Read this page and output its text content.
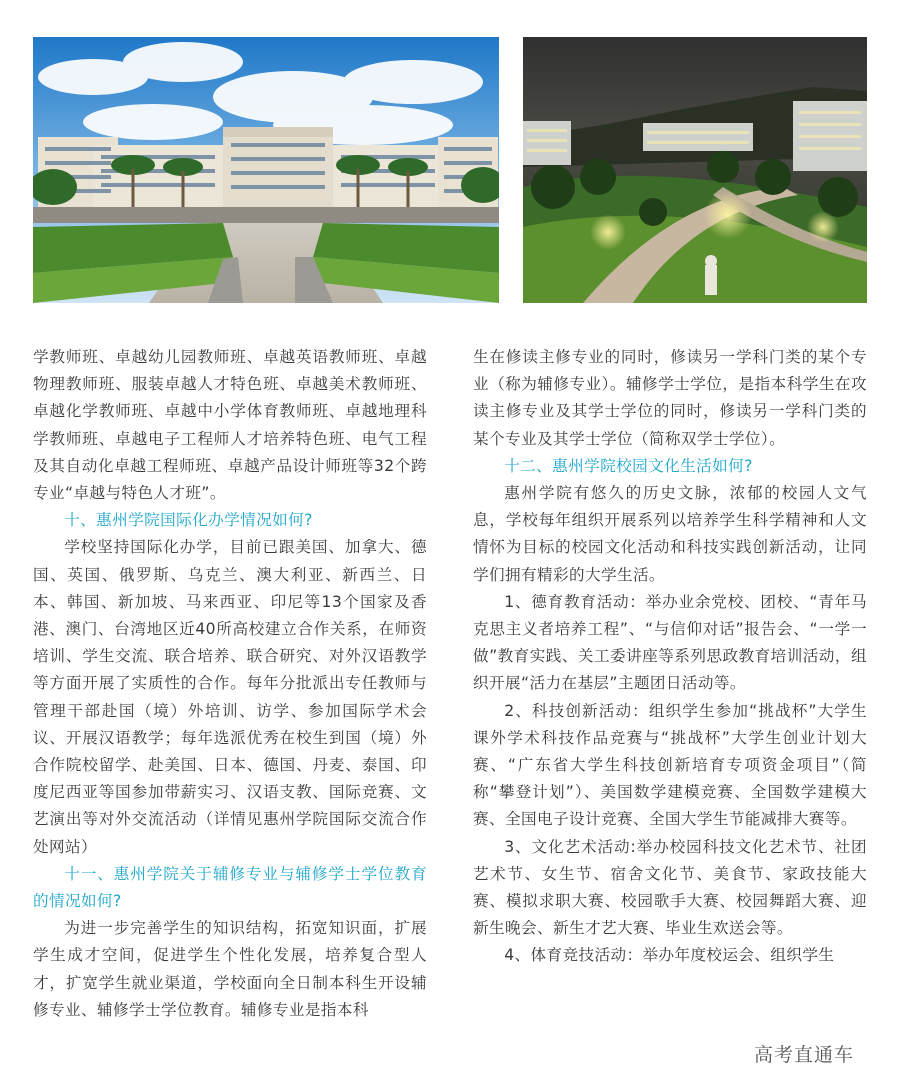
学教师班、卓越幼儿园教师班、卓越英语教师班、卓越物理教师班、服装卓越人才特色班、卓越美术教师班、卓越化学教师班、卓越中小学体育教师班、卓越地理科学教师班、卓越电子工程师人才培养特色班、电气工程及其自动化卓越工程师班、卓越产品设计师班等32个跨专业“卓越与特色人才班”。

十、惠州学院国际化办学情况如何?

学校坚持国际化办学，目前已跟美国、加拿大、德国、英国、俄罗斯、乌克兰、澳大利亚、新西兰、日本、韩国、新加坡、马来西亚、印尼等13个国家及香港、澳门、台湾地区近40所高校建立合作关系，在师资培训、学生交流、联合培养、联合研究、对外汉语教学等方面开展了实质性的合作。每年分批派出专任教师与管理干部赴国（境）外培训、访学、参加国际学术会议、开展汉语教学；每年选派优秀在校生到国（境）外合作院校留学、赴美国、日本、德国、丹麦、泰国、印度尼西亚等国参加带薪实习、汉语支教、国际竞赛、文艺演出等对外交流活动（详情见惠州学院国际交流合作处网站）

十一、惠州学院关于辅修专业与辅修学士学位教育的情况如何?

为进一步完善学生的知识结构，拓宽知识面，扩展学生成才空间，促进学生个性化发展，培养复合型人才，扩宽学生就业渠道，学校面向全日制本科生开设辅修专业、辅修学士学位教育。辅修专业是指本科

生在修读主修专业的同时，修读另一学科门类的某个专业（称为辅修专业）。辅修学士学位，是指本科学生在攻读主修专业及其学士学位的同时，修读另一学科门类的某个专业及其学士学位（简称双学士学位）。

十二、惠州学院校园文化生活如何?

惠州学院有悠久的历史文脉，浓郁的校园人文气息，学校每年组织开展系列以培养学生科学精神和人文情怀为目标的校园文化活动和科技实践创新活动，让同学们拥有精彩的大学生活。

1、德育教育活动：举办业余党校、团校、“青年马克思主义者培养工程”、“与信仰对话”报告会、“一学一做”教育实践、关工委讲座等系列思政教育培训活动，组织开展“活力在基层”主题团日活动等。

2、科技创新活动：组织学生参加“挑战杯”大学生课外学术科技作品竞赛与“挑战杯”大学生创业计划大赛、“广东省大学生科技创新培育专项资金项目”（简称“攀登计划”）、美国数学建模竞赛、全国数学建模大赛、全国电子设计竞赛、全国大学生节能减排大赛等。

3、文化艺术活动:举办校园科技文化艺术节、社团艺术节、女生节、宿舍文化节、美食节、家政技能大赛、模拟求职大赛、校园歌手大赛、校园舞蹈大赛、迎新生晚会、新生才艺大赛、毕业生欢送会等。

4、体育竞技活动：举办年度校运会、组织学生

高考直通车
